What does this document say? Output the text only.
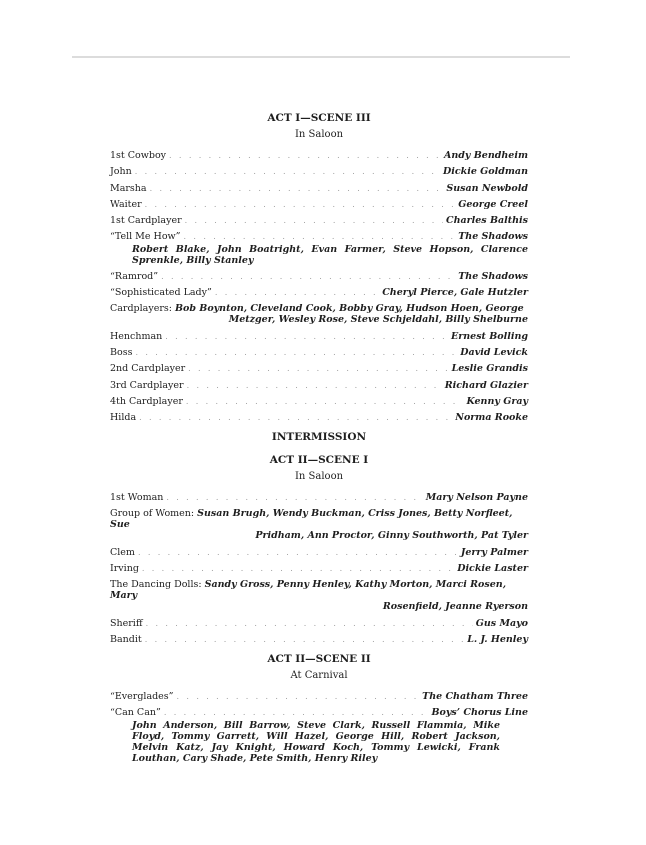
ACT I—SCENE III
In Saloon
1st Cowboy . . .	Andy Bendheim
John . . .	Dickie Goldman
Marsha . . .	Susan Newbold
Waiter . . .	George Creel
1st Cardplayer . . .	Charles Balthis
“Tell Me How” . . .	The Shadows
Robert Blake, John Boatright, Evan Farmer, Steve Hopson, Clarence Sprenkle, Billy Stanley
“Ramrod” . . .	The Shadows
“Sophisticated Lady” . . .	Cheryl Pierce, Gale Hutzler
Cardplayers: Bob Boynton, Cleveland Cook, Bobby Gray, Hudson Hoen, George
Metzger, Wesley Rose, Steve Schjeldahl, Billy Shelburne
Henchman . . .	Ernest Bolling
Boss . . .	David Levick
2nd Cardplayer . . .	Leslie Grandis
3rd Cardplayer . . .	Richard Glazier
4th Cardplayer . . .	Kenny Gray
Hilda . . .	Norma Rooke
INTERMISSION
ACT II—SCENE I
In Saloon
1st Woman . . .	Mary Nelson Payne
Group of Women: Susan Brugh, Wendy Buckman, Criss Jones, Betty Norfleet, Sue
Pridham, Ann Proctor, Ginny Southworth, Pat Tyler
Clem . . .	Jerry Palmer
Irving . . .	Dickie Laster
The Dancing Dolls: Sandy Gross, Penny Henley, Kathy Morton, Marci Rosen, Mary
Rosenfield, Jeanne Ryerson
Sheriff . . .	Gus Mayo
Bandit . . .	L. J. Henley
ACT II—SCENE II
At Carnival
“Everglades” . . .	The Chatham Three
“Can Can” . . .	Boys’ Chorus Line
John Anderson, Bill Barrow, Steve Clark, Russell Flammia, Mike Floyd, Tommy Garrett, Will Hazel, George Hill, Robert Jackson, Melvin Katz, Jay Knight, Howard Koch, Tommy Lewicki, Frank Louthan, Cary Shade, Pete Smith, Henry Riley
